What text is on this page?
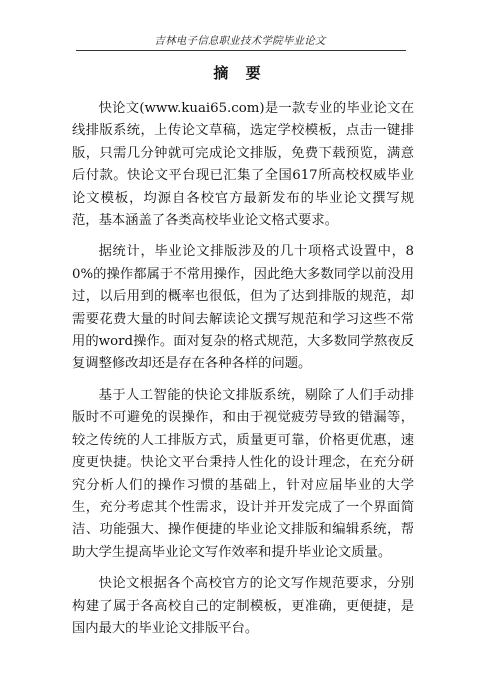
吉林电子信息职业技术学院毕业论文
摘 要

快论文(www.kuai65.com)是一款专业的毕业论文在线排版系统，上传论文草稿，选定学校模板，点击一键排版，只需几分钟就可完成论文排版，免费下载预览，满意后付款。快论文平台现已汇集了全国617所高校权威毕业论文模板，均源自各校官方最新发布的毕业论文撰写规范，基本涵盖了各类高校毕业论文格式要求。

据统计，毕业论文排版涉及的几十项格式设置中，80%的操作都属于不常用操作，因此绝大多数同学以前没用过，以后用到的概率也很低，但为了达到排版的规范，却需要花费大量的时间去解读论文撰写规范和学习这些不常用的word操作。面对复杂的格式规范，大多数同学熬夜反复调整修改却还是存在各种各样的问题。

基于人工智能的快论文排版系统，剔除了人们手动排版时不可避免的误操作，和由于视觉疲劳导致的错漏等，较之传统的人工排版方式，质量更可靠，价格更优惠，速度更快捷。快论文平台秉持人性化的设计理念，在充分研究分析人们的操作习惯的基础上，针对应届毕业的大学生，充分考虑其个性需求，设计并开发完成了一个界面简洁、功能强大、操作便捷的毕业论文排版和编辑系统，帮助大学生提高毕业论文写作效率和提升毕业论文质量。

快论文根据各个高校官方的论文写作规范要求，分别构建了属于各高校自己的定制模板，更准确，更便捷，是国内最大的毕业论文排版平台。
